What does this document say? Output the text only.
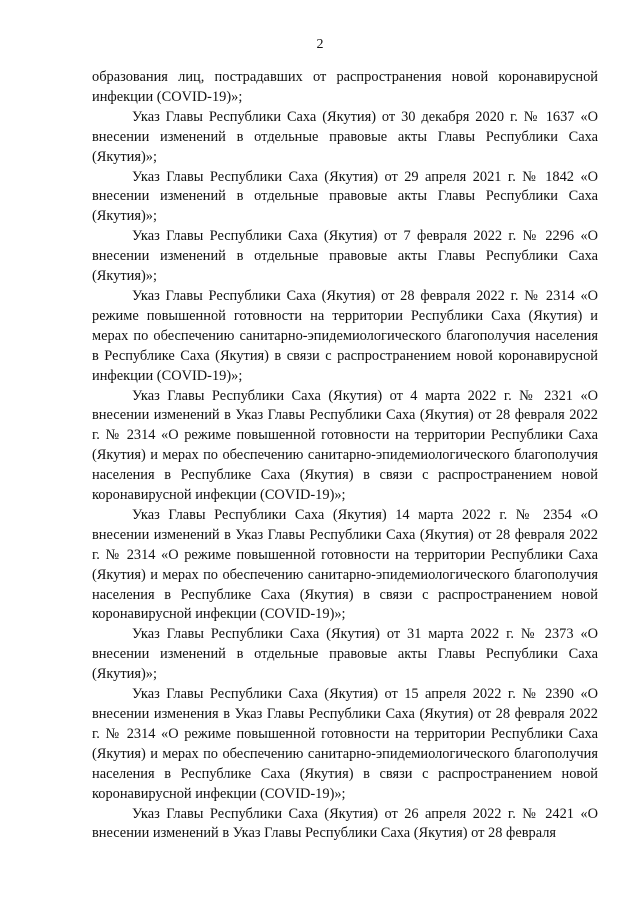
2

образования лиц, пострадавших от распространения новой коронавирусной инфекции (COVID-19)»;

Указ Главы Республики Саха (Якутия) от 30 декабря 2020 г. № 1637 «О внесении изменений в отдельные правовые акты Главы Республики Саха (Якутия)»;

Указ Главы Республики Саха (Якутия) от 29 апреля 2021 г. № 1842 «О внесении изменений в отдельные правовые акты Главы Республики Саха (Якутия)»;

Указ Главы Республики Саха (Якутия) от 7 февраля 2022 г. № 2296 «О внесении изменений в отдельные правовые акты Главы Республики Саха (Якутия)»;

Указ Главы Республики Саха (Якутия) от 28 февраля 2022 г. № 2314 «О режиме повышенной готовности на территории Республики Саха (Якутия) и мерах по обеспечению санитарно-эпидемиологического благополучия населения в Республике Саха (Якутия) в связи с распространением новой коронавирусной инфекции (COVID-19)»;

Указ Главы Республики Саха (Якутия) от 4 марта 2022 г. № 2321 «О внесении изменений в Указ Главы Республики Саха (Якутия) от 28 февраля 2022 г. № 2314 «О режиме повышенной готовности на территории Республики Саха (Якутия) и мерах по обеспечению санитарно-эпидемиологического благополучия населения в Республике Саха (Якутия) в связи с распространением новой коронавирусной инфекции (COVID-19)»;

Указ Главы Республики Саха (Якутия) 14 марта 2022 г. № 2354 «О внесении изменений в Указ Главы Республики Саха (Якутия) от 28 февраля 2022 г. № 2314 «О режиме повышенной готовности на территории Республики Саха (Якутия) и мерах по обеспечению санитарно-эпидемиологического благополучия населения в Республике Саха (Якутия) в связи с распространением новой коронавирусной инфекции (COVID-19)»;

Указ Главы Республики Саха (Якутия) от 31 марта 2022 г. № 2373 «О внесении изменений в отдельные правовые акты Главы Республики Саха (Якутия)»;

Указ Главы Республики Саха (Якутия) от 15 апреля 2022 г. № 2390 «О внесении изменения в Указ Главы Республики Саха (Якутия) от 28 февраля 2022 г. № 2314 «О режиме повышенной готовности на территории Республики Саха (Якутия) и мерах по обеспечению санитарно-эпидемиологического благополучия населения в Республике Саха (Якутия) в связи с распространением новой коронавирусной инфекции (COVID-19)»;

Указ Главы Республики Саха (Якутия) от 26 апреля 2022 г. № 2421 «О внесении изменений в Указ Главы Республики Саха (Якутия) от 28 февраля
